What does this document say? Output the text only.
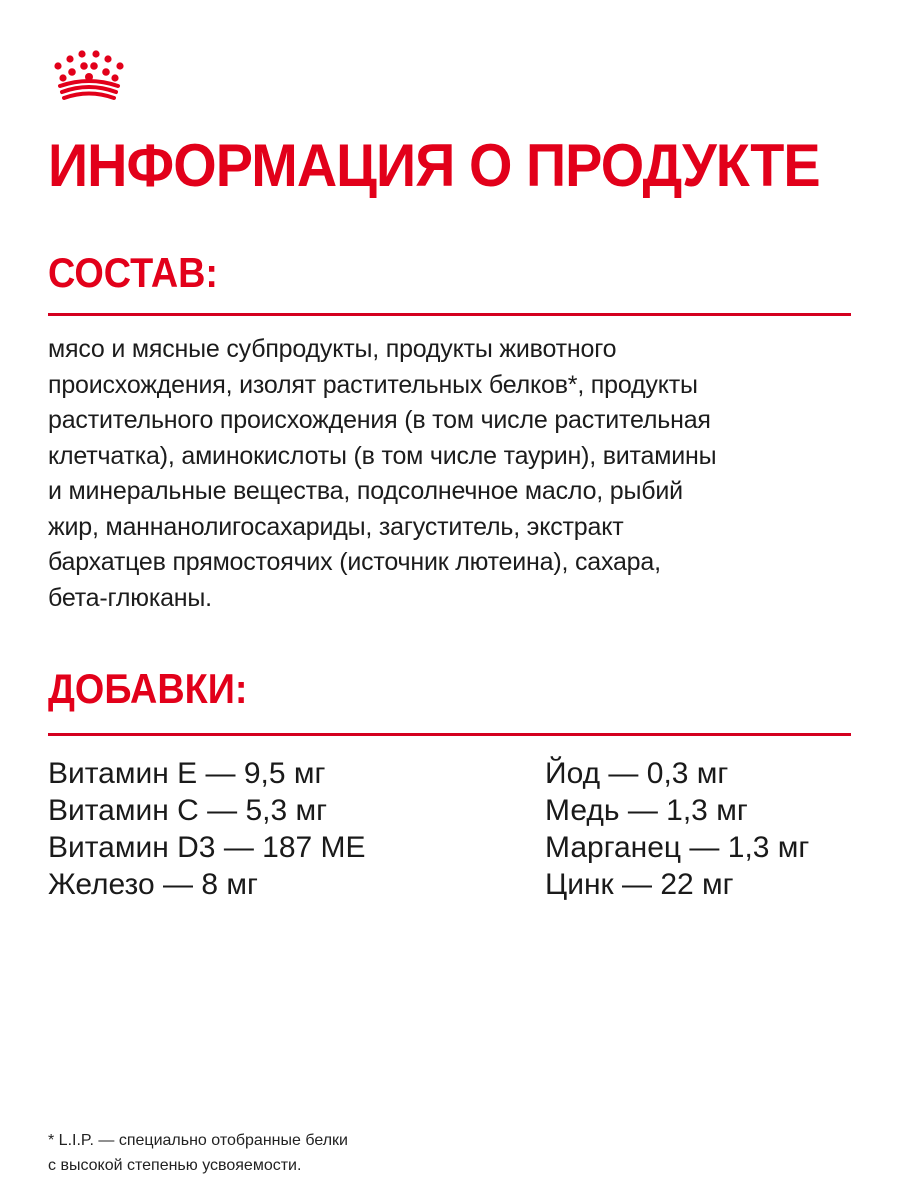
ИНФОРМАЦИЯ О ПРОДУКТЕ
СОСТАВ:
мясо и мясные субпродукты, продукты животного
происхождения, изолят растительных белков*, продукты
растительного происхождения (в том числе растительная
клетчатка), аминокислоты (в том числе таурин), витамины
и минеральные вещества, подсолнечное масло, рыбий
жир, маннанолигосахариды, загуститель, экстракт
бархатцев прямостоячих (источник лютеина), сахара,
бета-глюканы.
ДОБАВКИ:
Витамин Е — 9,5 мг
Витамин С — 5,3 мг
Витамин D3 — 187 МЕ
Железо — 8 мг
Йод — 0,3 мг
Медь — 1,3 мг
Марганец — 1,3 мг
Цинк — 22 мг
* L.I.P. — специально отобранные белки
с высокой степенью усвояемости.
